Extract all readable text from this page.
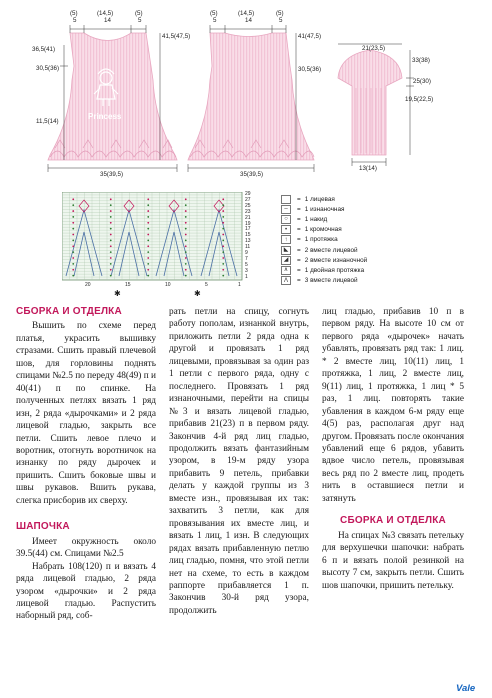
Princess
(5)	(14,5)	(5)
5	14	5
(5)	(14,5)	(5)
5	14	5
41,5(47,5)
36,5(41)
30,5(36)
11,5(14)
35(39,5)
41(47,5)
30,5(36)
35(39,5)
21(23,5)
33(38)
25(30)
19,5(22,5)
13(14)
29
27
25
23
21
19
17
15
13
11
9
7
5
3
1
1
5
10
15
20
✱	✱
= 1 лицевая
–	= 1 изнаночная
○	= 1 накид
•	= 1 кромочная
↑	= 1 протяжка
◣	= 2 вместе лицевой
◢	= 2 вместе изнаночной
∧	= 1 двойная протяжка
Λ	= 3 вместе лицевой
СБОРКА И ОТДЕЛКА

Вышить по схеме перед платья, украсить вышивку стразами. Сшить правый плечевой шов, для горловины поднять спицами №2.5 по переду 48(49) п и 40(41) п по спинке. На полученных петлях вязать 1 ряд изн, 2 ряда «дырочками» и 2 ряда лицевой гладью, закрыть все петли. Сшить левое плечо и воротник, отогнуть воротничок на изнанку по ряду дырочек и пришить. Сшить боковые швы и швы рукавов. Вшить рукава, слегка присборив их сверху.

ШАПОЧКА

Имеет окружность около 39.5(44) см. Спицами №2.5

Набрать 108(120) п и вязать 4 ряда лицевой гладью, 2 ряда узором «дырочки» и 2 ряда лицевой гладью. Распустить наборный ряд, соб-

рать петли на спицу, согнуть работу пополам, изнанкой внутрь, приложить петли 2 ряда одна к другой и провязать 1 ряд лицевыми, провязывая за один раз 1 петли с первого ряда, одну с последнего. Провязать 1 ряд изнаночными, перейти на спицы №3 и вязать лицевой гладью, прибавив 21(23) п в первом ряду. Закончив 4-й ряд лиц гладью, продолжить вязать фантазийным узором, в 19-м ряду узора прибавить 9 петель, прибавки делать у каждой группы из 3 вместе изн., провязывая их так: захватить 3 петли, как для провязывания их вместе лиц, и вязать 1 лиц, 1 изн. В следующих рядах вязать прибавленную петлю лиц гладью, помня, что этой петли нет на схеме, то есть в каждом раппорте прибавляется 1 п. Закончив 30-й ряд узора, продолжить

лиц гладью, прибавив 10 п в первом ряду. На высоте 10 см от первого ряда «дырочек» начать убавлять, провязать ряд так: 1 лиц. * 2 вместе лиц, 10(11) лиц, 1 протяжка, 1 лиц, 2 вместе лиц, 9(11) лиц, 1 протяжка, 1 лиц * 5 раз, 1 лиц. повторять такие убавления в каждом 6-м ряду еще 4(5) раз, располагая друг над другом. Провязать после окончания убавлений еще 6 рядов, убавить вдвое число петель, провязывая весь ряд по 2 вместе лиц, продеть нить в оставшиеся петли и затянуть

СБОРКА И ОТДЕЛКА

На спицах №3 связать петельку для верхушечки шапочки: набрать 6 п и вязать полой резинкой на высоту 7 см, закрыть петли. Сшить шов шапочки, пришить петельку.

Vale
